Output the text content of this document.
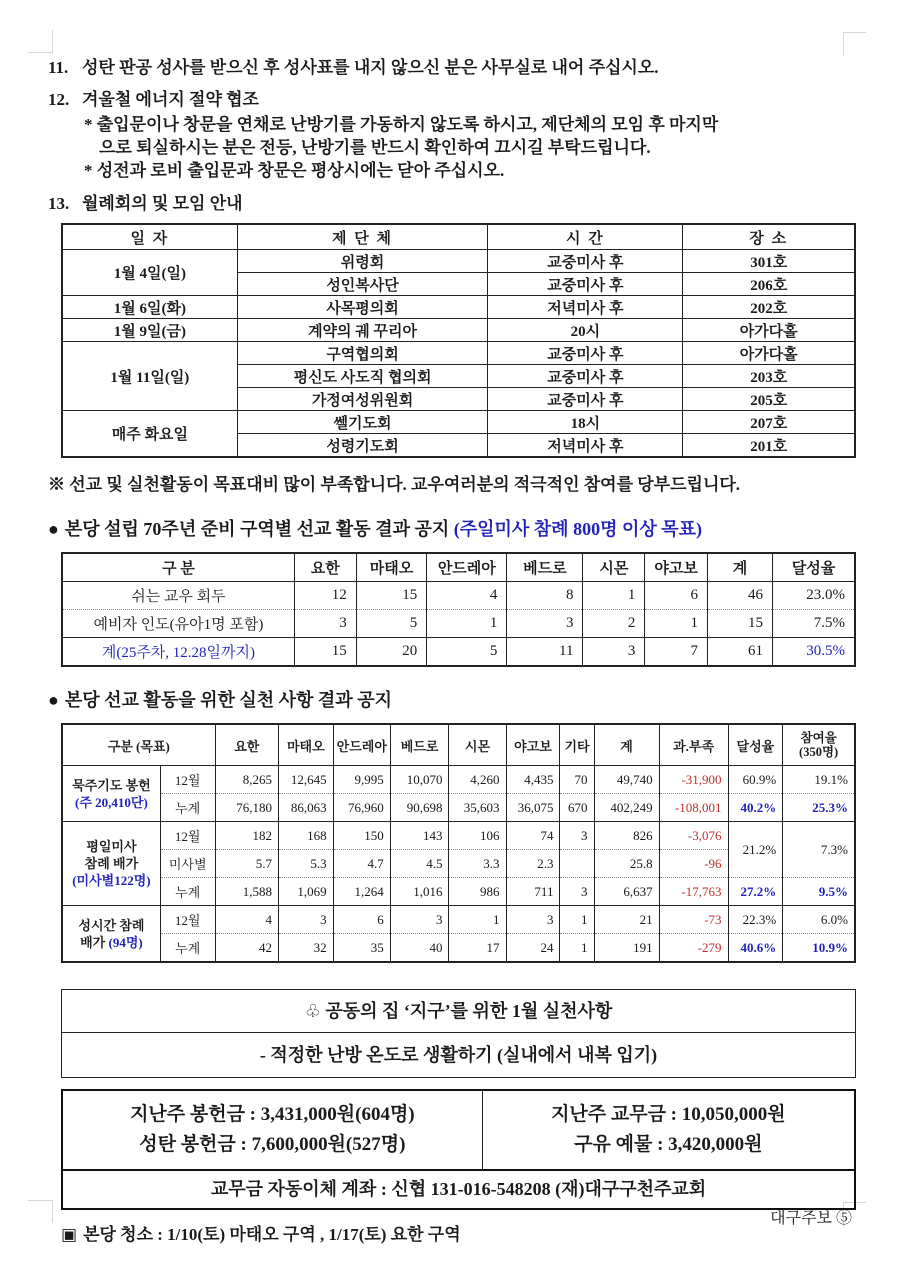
11. 성탄 판공 성사를 받으신 후 성사표를 내지 않으신 분은 사무실로 내어 주십시오.
12. 겨울철 에너지 절약 협조
* 출입문이나 창문을 연채로 난방기를 가동하지 않도록 하시고, 제단체의 모임 후 마지막
으로 퇴실하시는 분은 전등, 난방기를 반드시 확인하여 끄시길 부탁드립니다.
* 성전과 로비 출입문과 창문은 평상시에는 닫아 주십시오.
13. 월례회의 및 모임 안내
일 자	제 단 체	시 간	장 소
1월 4일(일)	위령회	교중미사 후	301호
	성인복사단	교중미사 후	206호
1월 6일(화)	사목평의회	저녁미사 후	202호
1월 9일(금)	계약의 궤 꾸리아	20시	아가다홀
1월 11일(일)	구역협의회	교중미사 후	아가다홀
	평신도 사도직 협의회	교중미사 후	203호
	가정여성위원회	교중미사 후	205호
매주 화요일	쎌기도회	18시	207호
	성령기도회	저녁미사 후	201호
※ 선교 및 실천활동이 목표대비 많이 부족합니다. 교우여러분의 적극적인 참여를 당부드립니다.
● 본당 설립 70주년 준비 구역별 선교 활동 결과 공지 (주일미사 참례 800명 이상 목표)
구 분	요한	마태오	안드레아	베드로	시몬	야고보	계	달성율
쉬는 교우 회두	12	15	4	8	1	6	46	23.0%
예비자 인도(유아1명 포함)	3	5	1	3	2	1	15	7.5%
계(25주차, 12.28일까지)	15	20	5	11	3	7	61	30.5%
● 본당 선교 활동을 위한 실천 사항 결과 공지
구분 (목표)		요한	마태오	안드레아	베드로	시몬	야고보	기타	계	과.부족	달성율	참여율
(350명)

묵주기도 봉헌
(주 20,410단)	12월	8,265	12,645	9,995	10,070	4,260	4,435	70	49,740	-31,900	60.9%	19.1%
	누계	76,180	86,063	76,960	90,698	35,603	36,075	670	402,249	-108,001	40.2%	25.3%

평일미사
참례 배가
(미사별122명)	12월	182	168	150	143	106	74	3	826	-3,076	21.2%	7.3%
	미사별	5.7	5.3	4.7	4.5	3.3	2.3		25.8	-96		
	누계	1,588	1,069	1,264	1,016	986	711	3	6,637	-17,763	27.2%	9.5%

성시간 참례
배가 (94명)	12월	4	3	6	3	1	3	1	21	-73	22.3%	6.0%
	누계	42	32	35	40	17	24	1	191	-279	40.6%	10.9%
♧ 공동의 집 ‘지구’를 위한 1월 실천사항
- 적정한 난방 온도로 생활하기 (실내에서 내복 입기)
지난주 봉헌금 : 3,431,000원(604명)
성탄 봉헌금 : 7,600,000원(527명)
지난주 교무금 : 10,050,000원
구유 예물 : 3,420,000원
교무금 자동이체 계좌 : 신협 131-016-548208 (재)대구구천주교회
▣ 본당 청소 : 1/10(토) 마태오 구역 , 1/17(토) 요한 구역
대구주보 ⑤
